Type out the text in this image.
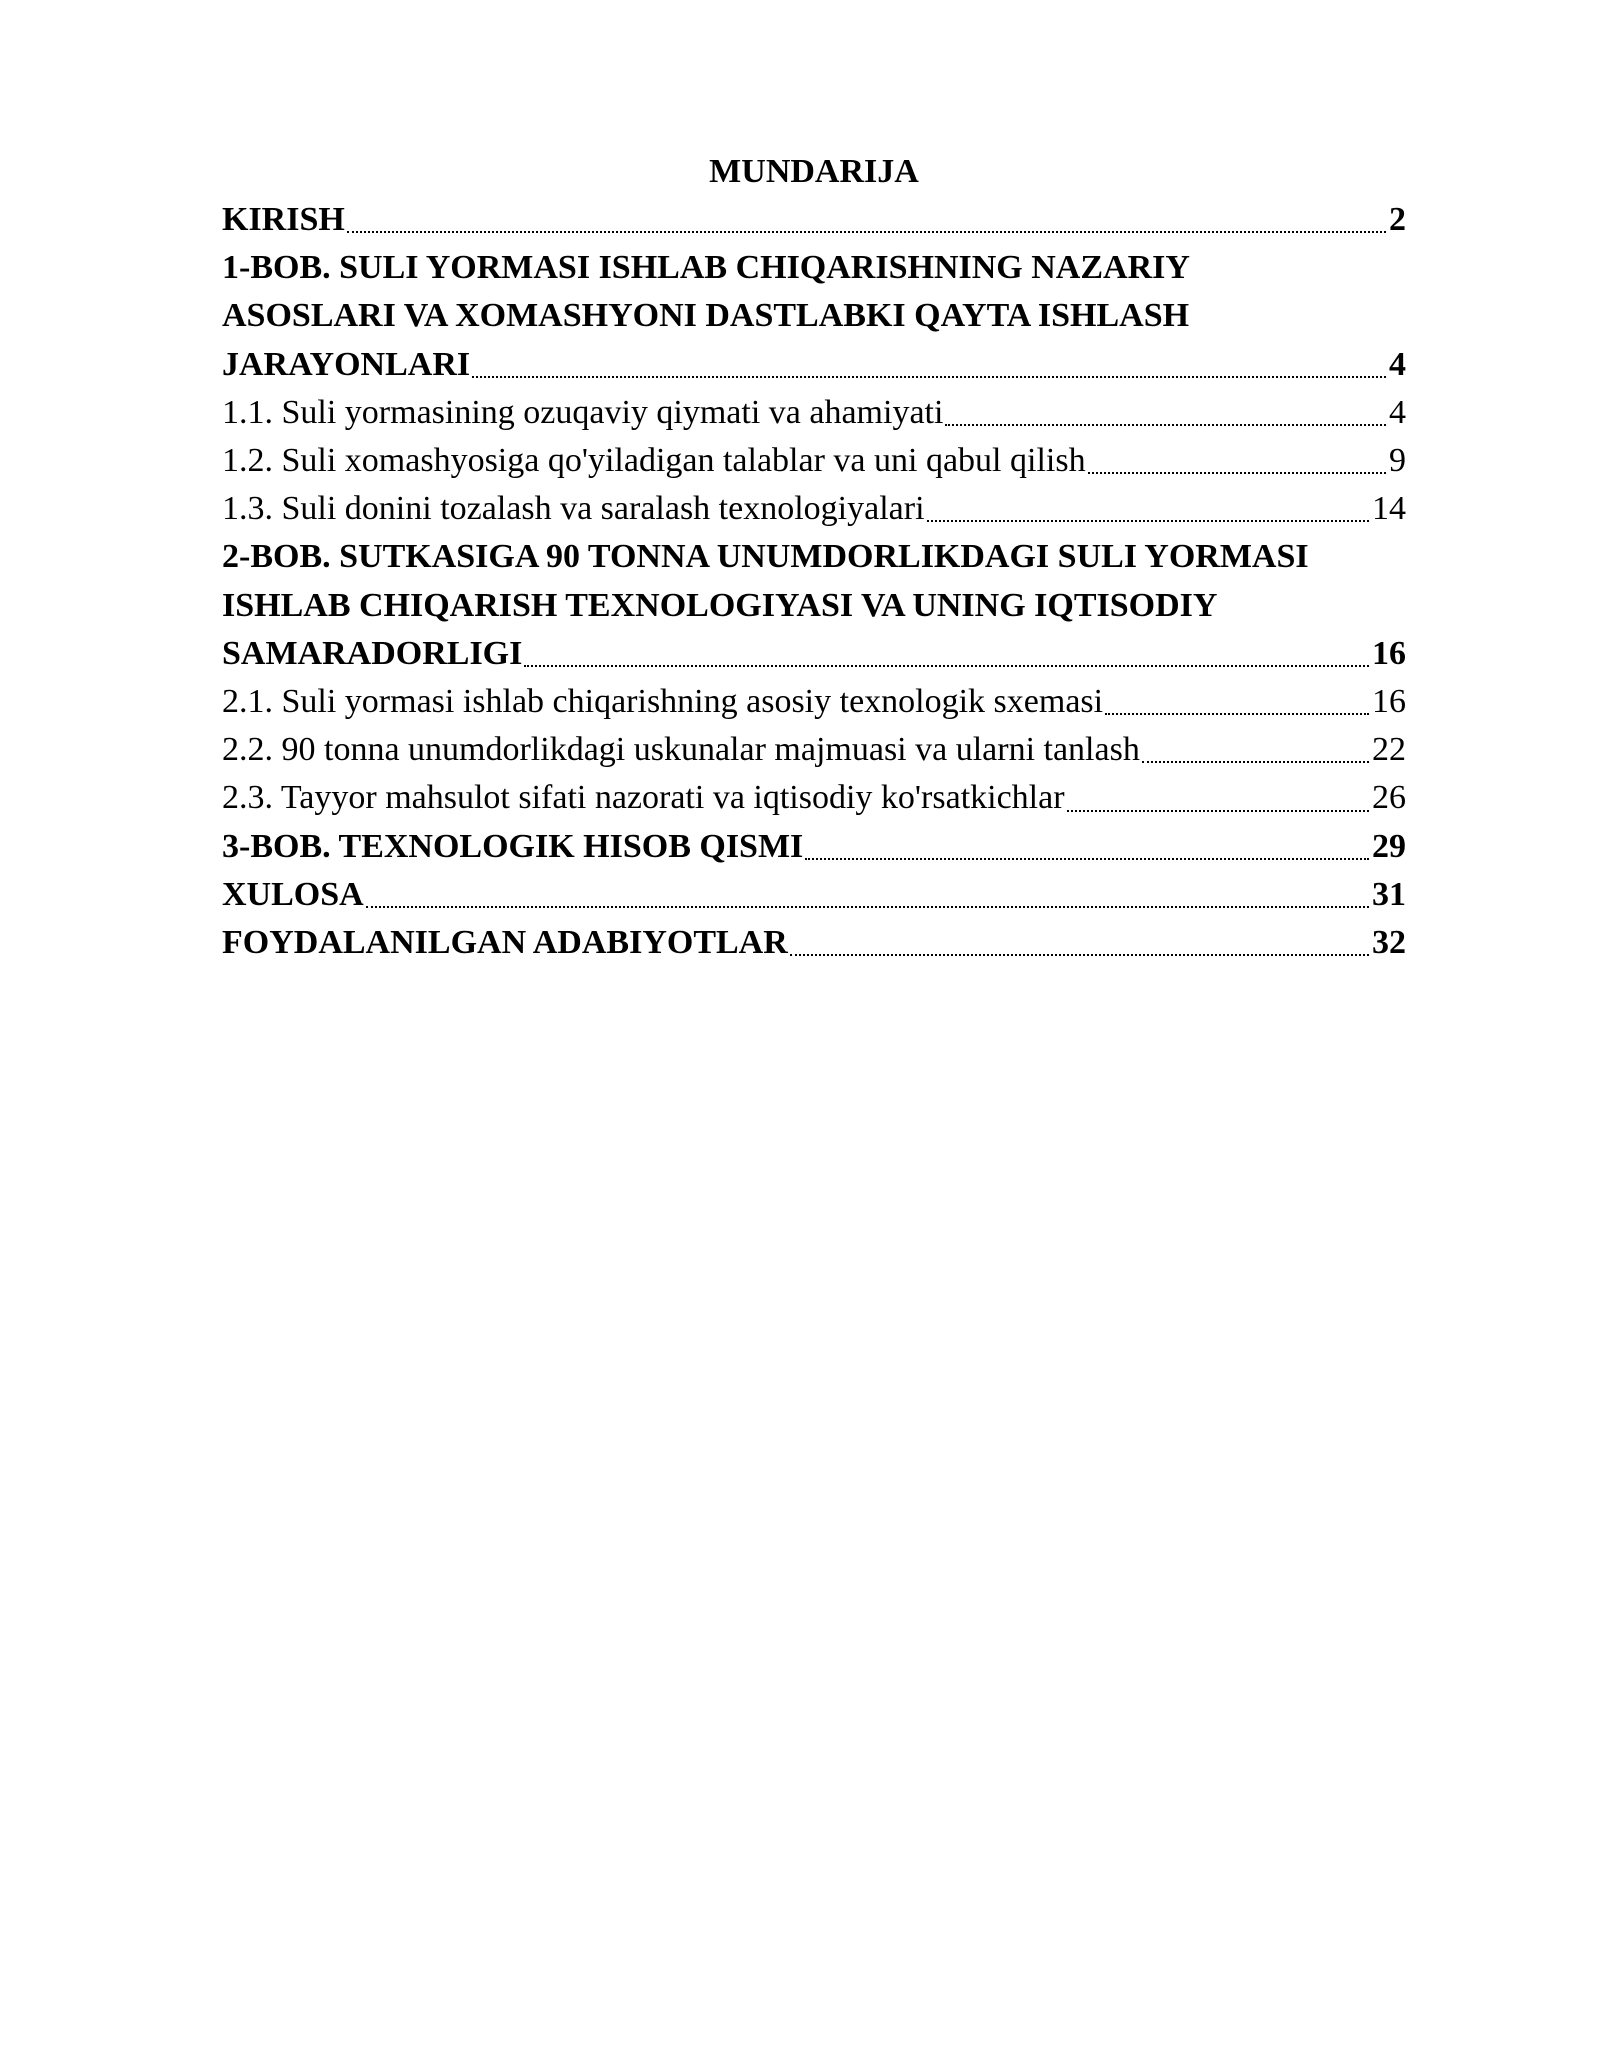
MUNDARIJA
KIRISH	2
1-BOB. SULI YORMASI ISHLAB CHIQARISHNING NAZARIY
ASOSLARI VA XOMASHYONI DASTLABKI QAYTA ISHLASH
JARAYONLARI	4
1.1. Suli yormasining ozuqaviy qiymati va ahamiyati	4
1.2. Suli xomashyosiga qo'yiladigan talablar va uni qabul qilish	9
1.3. Suli donini tozalash va saralash texnologiyalari	14
2-BOB. SUTKASIGA 90 TONNA UNUMDORLIKDAGI SULI YORMASI
ISHLAB CHIQARISH TEXNOLOGIYASI VA UNING IQTISODIY
SAMARADORLIGI	16
2.1. Suli yormasi ishlab chiqarishning asosiy texnologik sxemasi	16
2.2. 90 tonna unumdorlikdagi uskunalar majmuasi va ularni tanlash	22
2.3. Tayyor mahsulot sifati nazorati va iqtisodiy ko'rsatkichlar	26
3-BOB. TEXNOLOGIK HISOB QISMI	29
XULOSA	31
FOYDALANILGAN ADABIYOTLAR	32
